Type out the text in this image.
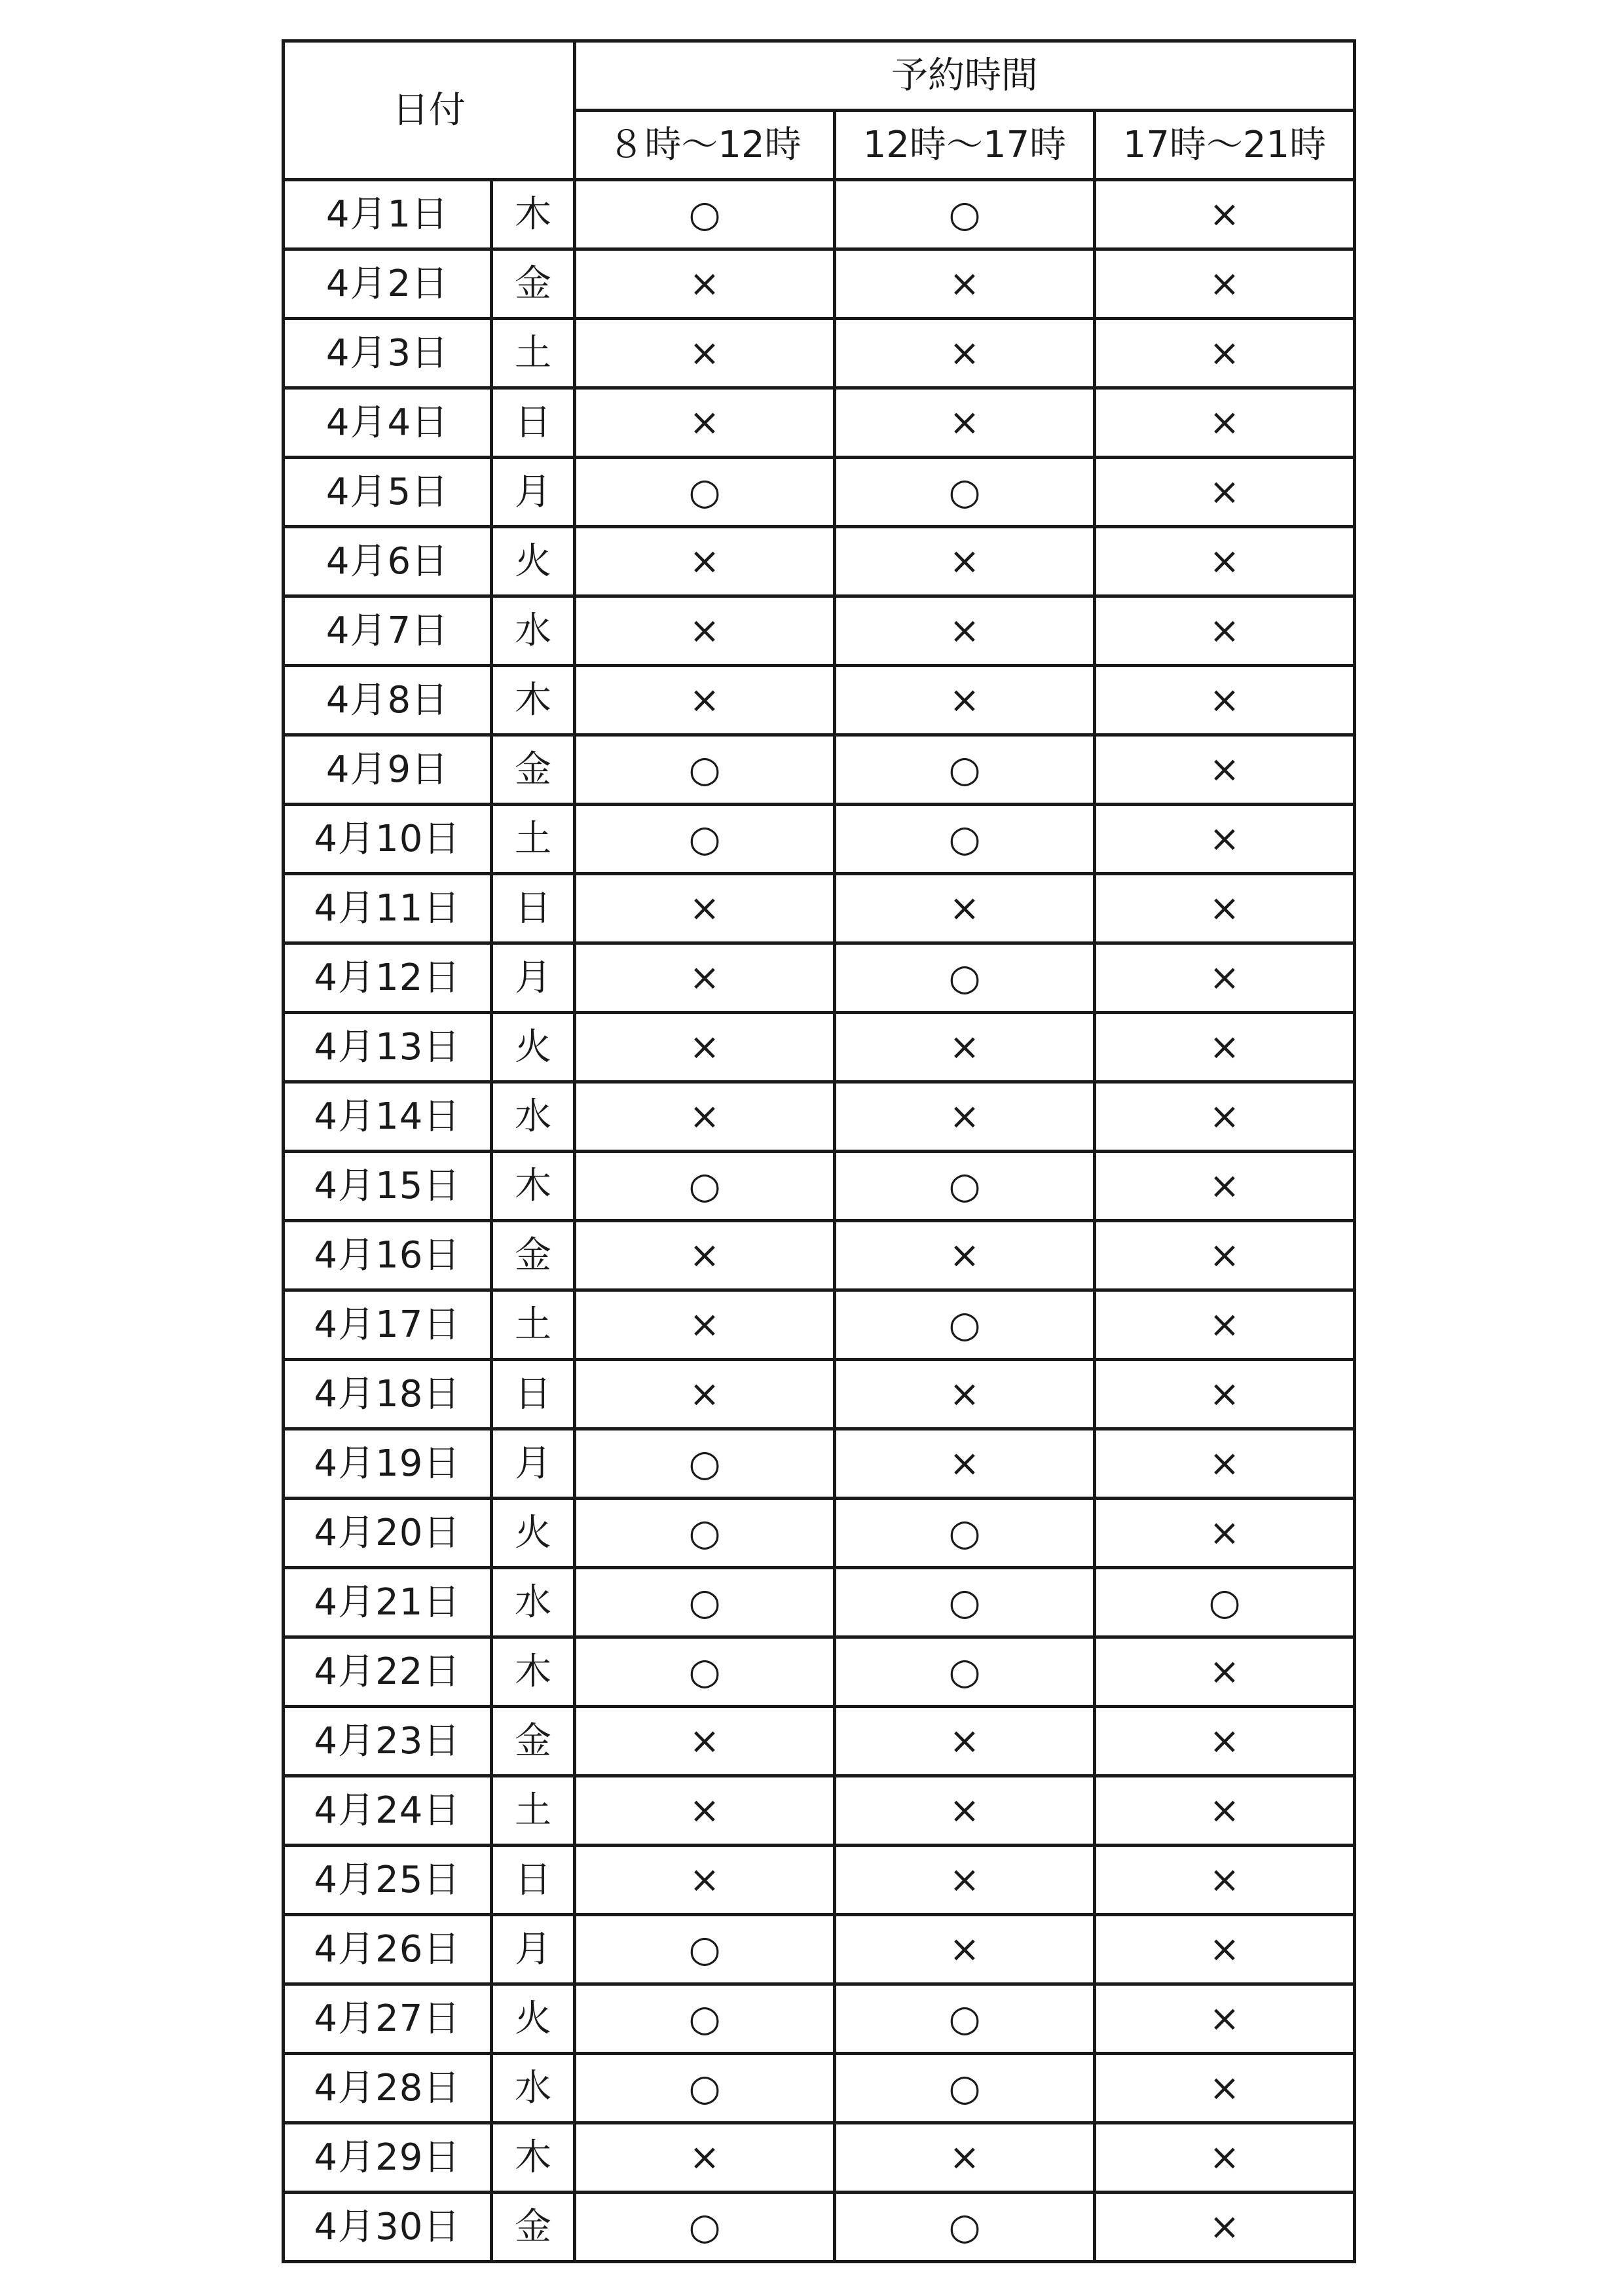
日付		予約時間		
		８時～12時	12時～17時	17時～21時
4月1日	木	○	○	×
4月2日	金	×	×	×
4月3日	土	×	×	×
4月4日	日	×	×	×
4月5日	月	○	○	×
4月6日	火	×	×	×
4月7日	水	×	×	×
4月8日	木	×	×	×
4月9日	金	○	○	×
4月10日	土	○	○	×
4月11日	日	×	×	×
4月12日	月	×	○	×
4月13日	火	×	×	×
4月14日	水	×	×	×
4月15日	木	○	○	×
4月16日	金	×	×	×
4月17日	土	×	○	×
4月18日	日	×	×	×
4月19日	月	○	×	×
4月20日	火	○	○	×
4月21日	水	○	○	○
4月22日	木	○	○	×
4月23日	金	×	×	×
4月24日	土	×	×	×
4月25日	日	×	×	×
4月26日	月	○	×	×
4月27日	火	○	○	×
4月28日	水	○	○	×
4月29日	木	×	×	×
4月30日	金	○	○	×
